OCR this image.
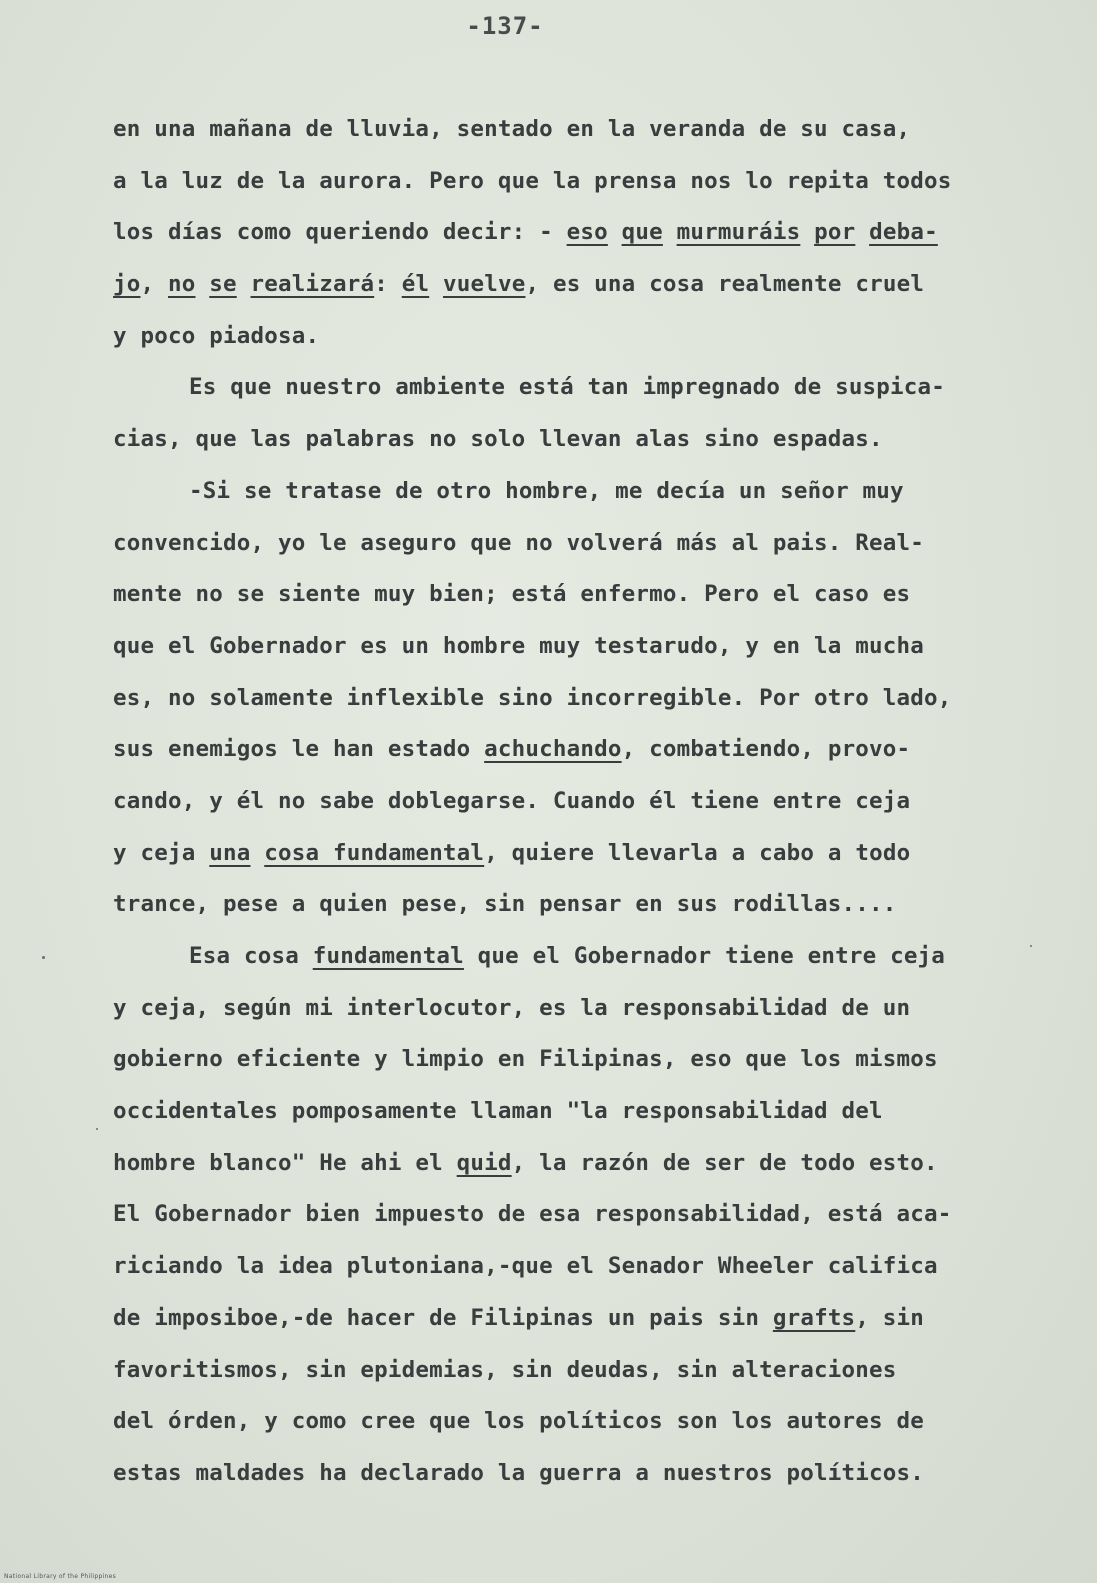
-137-
en una mañana de lluvia, sentado en la veranda de su casa,
a la luz de la aurora. Pero que la prensa nos lo repita todos
los días como queriendo decir: - eso que murmuráis por deba-
jo, no se realizará: él vuelve, es una cosa realmente cruel
y poco piadosa.
Es que nuestro ambiente está tan impregnado de suspica-
cias, que las palabras no solo llevan alas sino espadas.
-Si se tratase de otro hombre, me decía un señor muy
convencido, yo le aseguro que no volverá más al pais. Real-
mente no se siente muy bien; está enfermo. Pero el caso es
que el Gobernador es un hombre muy testarudo, y en la mucha
es, no solamente inflexible sino incorregible. Por otro lado,
sus enemigos le han estado achuchando, combatiendo, provo-
cando, y él no sabe doblegarse. Cuando él tiene entre ceja
y ceja una cosa fundamental, quiere llevarla a cabo a todo
trance, pese a quien pese, sin pensar en sus rodillas....
Esa cosa fundamental que el Gobernador tiene entre ceja
y ceja, según mi interlocutor, es la responsabilidad de un
gobierno eficiente y limpio en Filipinas, eso que los mismos
occidentales pomposamente llaman "la responsabilidad del
hombre blanco" He ahi el quid, la razón de ser de todo esto.
El Gobernador bien impuesto de esa responsabilidad, está aca-
riciando la idea plutoniana,-que el Senador Wheeler califica
de imposiboe,-de hacer de Filipinas un pais sin grafts, sin
favoritismos, sin epidemias, sin deudas, sin alteraciones
del órden, y como cree que los políticos son los autores de
estas maldades ha declarado la guerra a nuestros políticos.
National Library of the Philippines
